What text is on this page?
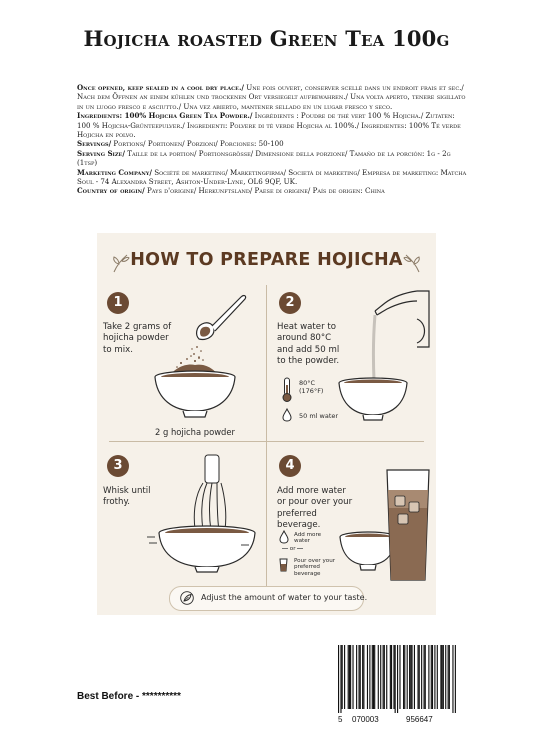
Hojicha roasted Green Tea 100g
Once opened, keep sealed in a cool dry place./ Une fois ouvert, conserver scellé dans un endroit frais et sec./ Nach dem Öffnen an einem kühlen und trockenen Ort versiegelt aufbewahren./ Una volta aperto, tenere sigillato in un luogo fresco e asciutto./ Una vez abierto, mantener sellado en un lugar fresco y seco.
Ingredients: 100% Hojicha Green Tea Powder./ Ingrédients : Poudre de thé vert 100 % Hojicha./ Zutaten: 100 % Hojicha-Grünteepulver./ Ingredienti: Polvere di tè verde Hojicha al 100%./ Ingredientes: 100% Té verde Hojicha en polvo.
Servings/ Portions/ Portionen/ Porzioni/ Porciones: 50-100
Serving Size/ Taille de la portion/ Portionsgröße/ Dimensione della porzione/ Tamaño de la porción: 1g - 2g (1tsp)
Marketing Company/ Société de marketing/ Marketingfirma/ Società di marketing/ Empresa de marketing: Matcha Soul - 74 Alexandra Street, Ashton-Under-Lyne, OL6 9QF, UK.
Country of origin/ Pays d'origine/ Herkunftsland/ Paese di origine/ País de origen: China
HOW TO PREPARE HOJICHA
1
Take 2 grams of
hojicha powder
to mix.
2 g hojicha powder
2
Heat water to
around 80°C
and add 50 ml
to the powder.
80°C
(176°F)
50 ml water
3
Whisk until
frothy.
4
Add more water
or pour over your
preferred
beverage.
Add more
water
or
Pour over your
preferred
beverage
Adjust the amount of water to your taste.
Best Before - **********
5 070003	956647
